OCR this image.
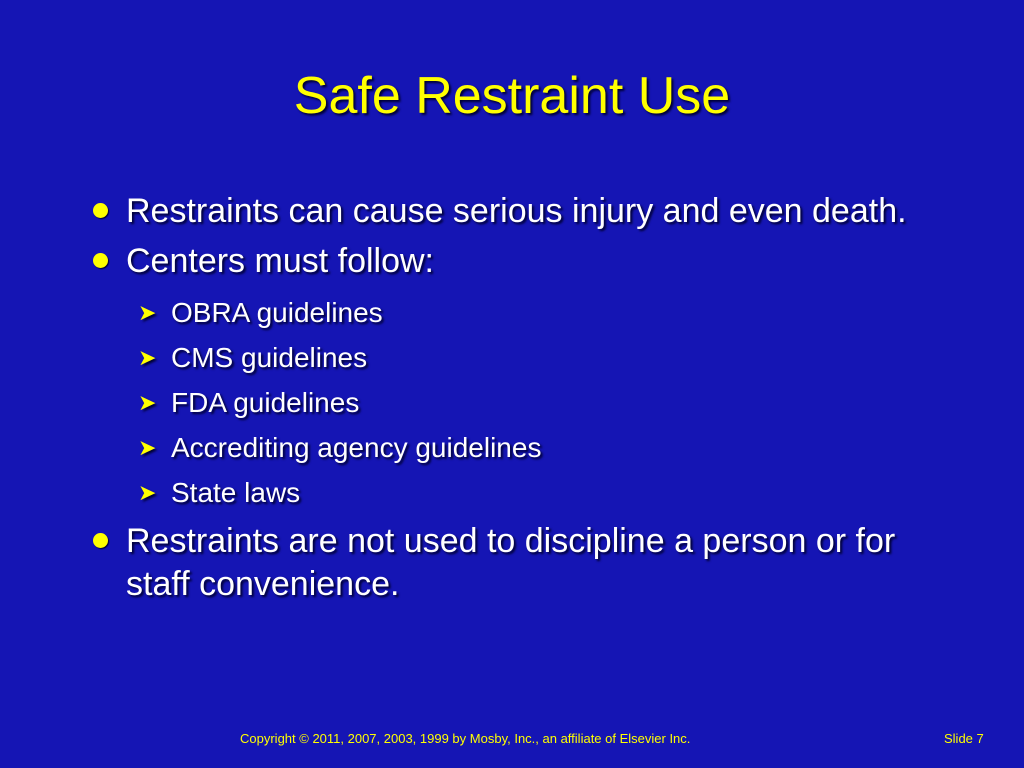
Safe Restraint Use
Restraints can cause serious injury and even death.
Centers must follow:
➤ OBRA guidelines
➤ CMS guidelines
➤ FDA guidelines
➤ Accrediting agency guidelines
➤ State laws
Restraints are not used to discipline a person or for staff convenience.
Copyright © 2011, 2007, 2003, 1999 by Mosby, Inc., an affiliate of Elsevier Inc.	Slide 7
